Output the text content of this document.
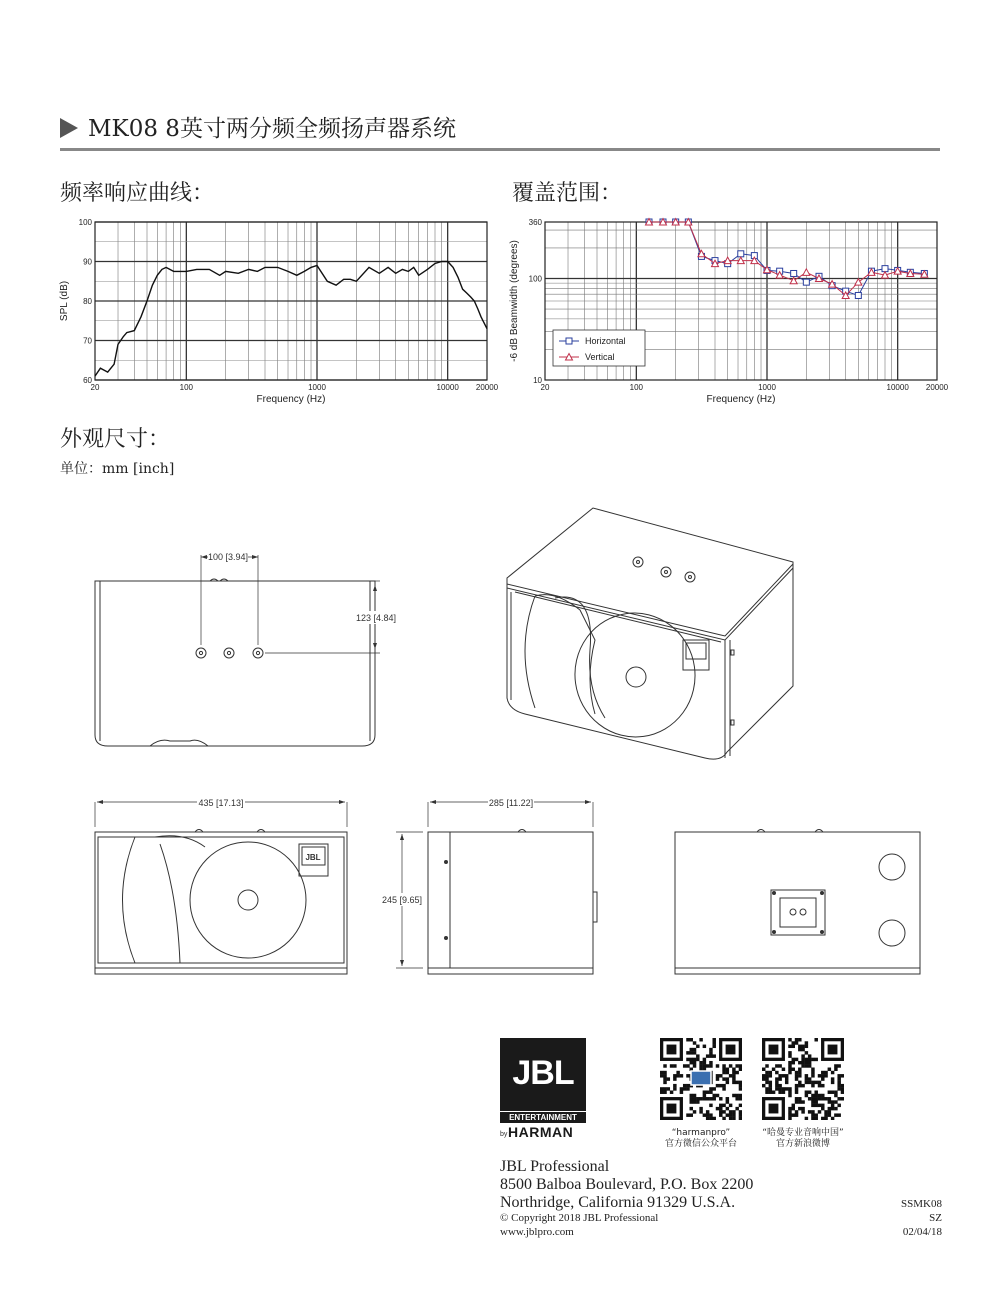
MK08 8英寸两分频全频扬声器系统
频率响应曲线：	覆盖范围：
外观尺寸：
单位：mm [inch]
20	100	1000	10000 20000
60
70
80
90
100
Frequency (Hz)
SPL (dB)
20	100	1000	10000 20000
10
100
360
Frequency (Hz)
-6 dB Beamwidth (degrees)	Horizontal
Vertical
100 [3.94]
123 [4.84]
435 [17.13]
JBL
285 [11.22]
245 [9.65]
JBL
ENTERTAINMENT
by HARMAN	“harmanpro”
官方微信公众平台
“哈曼专业音响中国”
官方新浪微博
JBL Professional
8500 Balboa Boulevard, P.O. Box 2200
Northridge, California 91329 U.S.A.
© Copyright 2018 JBL Professional
www.jblpro.com
SSMK08
SZ
02/04/18
